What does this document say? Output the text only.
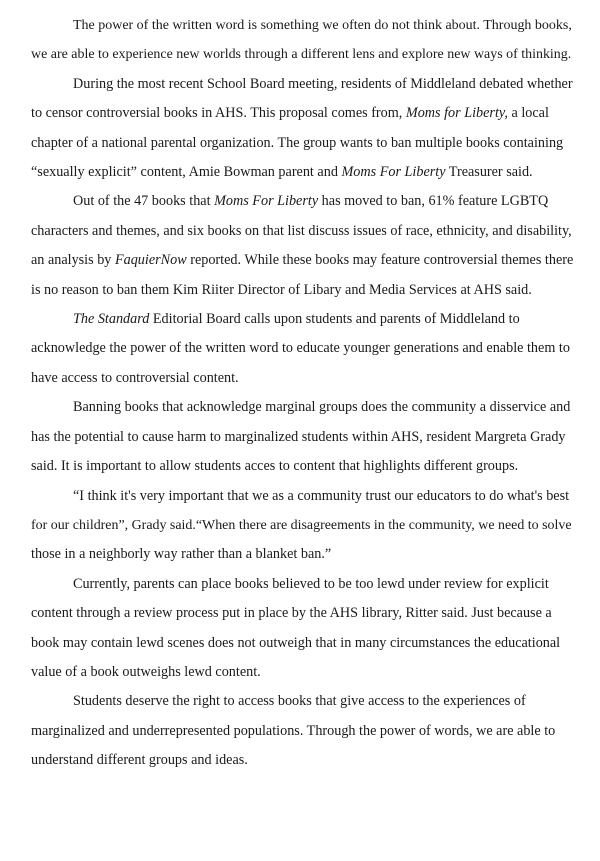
The power of the written word is something we often do not think about. Through books,
we are able to experience new worlds through a different lens and explore new ways of thinking.

During the most recent School Board meeting, residents of Middleland debated whether
to censor controversial books in AHS. This proposal comes from, Moms for Liberty, a local
chapter of a national parental organization. The group wants to ban multiple books containing
“sexually explicit” content, Amie Bowman parent and Moms For Liberty Treasurer said.

Out of the 47 books that Moms For Liberty has moved to ban, 61% feature LGBTQ
characters and themes, and six books on that list discuss issues of race, ethnicity, and disability,
an analysis by FaquierNow reported. While these books may feature controversial themes there
is no reason to ban them Kim Riiter Director of Libary and Media Services at AHS said.

The Standard Editorial Board calls upon students and parents of Middleland to
acknowledge the power of the written word to educate younger generations and enable them to
have access to controversial content.

Banning books that acknowledge marginal groups does the community a disservice and
has the potential to cause harm to marginalized students within AHS, resident Margreta Grady
said. It is important to allow students acces to content that highlights different groups.

“I think it's very important that we as a community trust our educators to do what's best
for our children”, Grady said.“When there are disagreements in the community, we need to solve
those in a neighborly way rather than a blanket ban.”

Currently, parents can place books believed to be too lewd under review for explicit
content through a review process put in place by the AHS library, Ritter said. Just because a
book may contain lewd scenes does not outweigh that in many circumstances the educational
value of a book outweighs lewd content.

Students deserve the right to access books that give access to the experiences of
marginalized and underrepresented populations. Through the power of words, we are able to
understand different groups and ideas.
